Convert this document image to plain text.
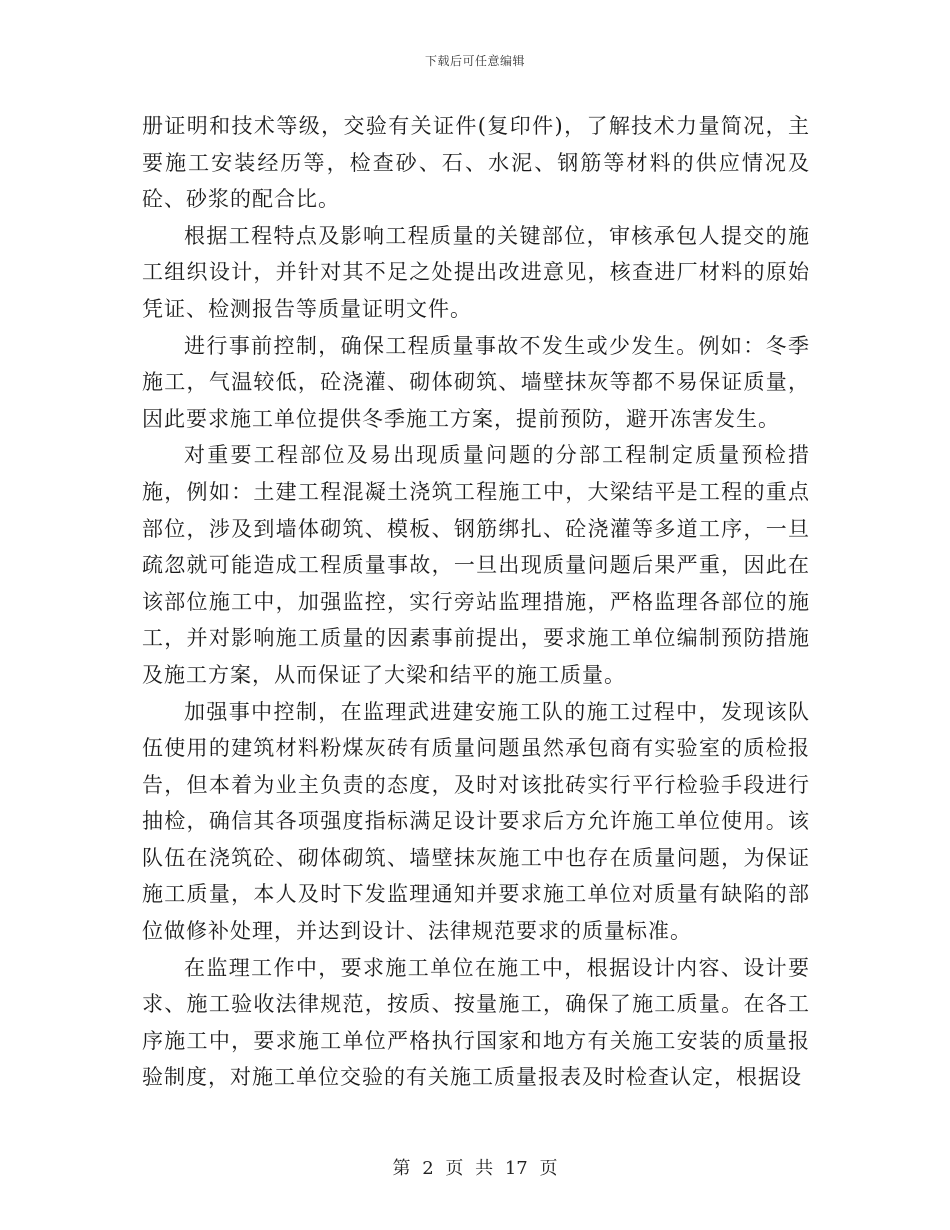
下载后可任意编辑

册证明和技术等级，交验有关证件(复印件)，了解技术力量简况，主要施工安装经历等，检查砂、石、水泥、钢筋等材料的供应情况及砼、砂浆的配合比。

根据工程特点及影响工程质量的关键部位，审核承包人提交的施工组织设计，并针对其不足之处提出改进意见，核查进厂材料的原始凭证、检测报告等质量证明文件。

进行事前控制，确保工程质量事故不发生或少发生。例如：冬季施工，气温较低，砼浇灌、砌体砌筑、墙壁抹灰等都不易保证质量，因此要求施工单位提供冬季施工方案，提前预防，避开冻害发生。

对重要工程部位及易出现质量问题的分部工程制定质量预检措施，例如：土建工程混凝土浇筑工程施工中，大梁结平是工程的重点部位，涉及到墙体砌筑、模板、钢筋绑扎、砼浇灌等多道工序，一旦疏忽就可能造成工程质量事故，一旦出现质量问题后果严重，因此在该部位施工中，加强监控，实行旁站监理措施，严格监理各部位的施工，并对影响施工质量的因素事前提出，要求施工单位编制预防措施及施工方案，从而保证了大梁和结平的施工质量。

加强事中控制，在监理武进建安施工队的施工过程中，发现该队伍使用的建筑材料粉煤灰砖有质量问题虽然承包商有实验室的质检报告，但本着为业主负责的态度，及时对该批砖实行平行检验手段进行抽检，确信其各项强度指标满足设计要求后方允许施工单位使用。该队伍在浇筑砼、砌体砌筑、墙壁抹灰施工中也存在质量问题，为保证施工质量，本人及时下发监理通知并要求施工单位对质量有缺陷的部位做修补处理，并达到设计、法律规范要求的质量标准。

在监理工作中，要求施工单位在施工中，根据设计内容、设计要求、施工验收法律规范，按质、按量施工，确保了施工质量。在各工序施工中，要求施工单位严格执行国家和地方有关施工安装的质量报验制度，对施工单位交验的有关施工质量报表及时检查认定，根据设

第 2 页 共 17 页
